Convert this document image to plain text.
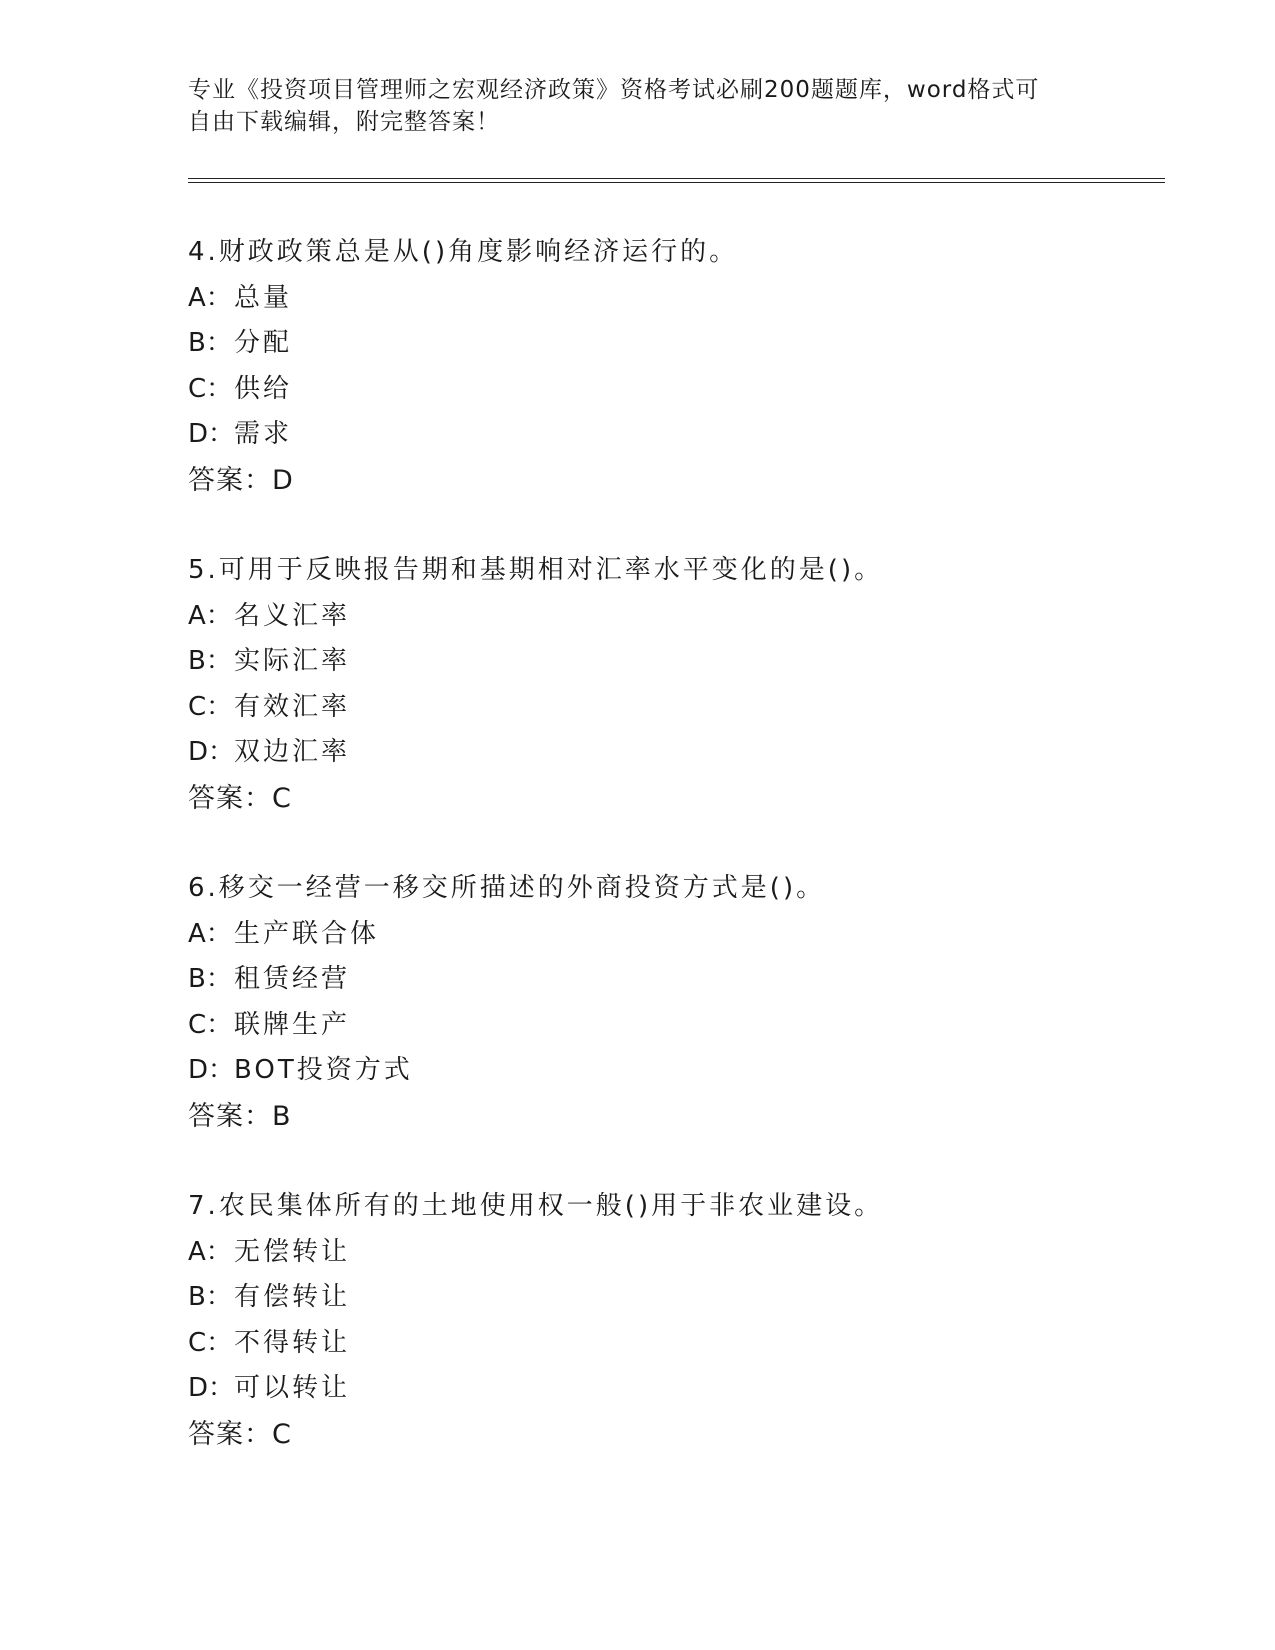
专业《投资项目管理师之宏观经济政策》资格考试必刷200题题库，word格式可
自由下载编辑，附完整答案！
4.财政政策总是从()角度影响经济运行的。
A：总量
B：分配
C：供给
D：需求
答案：D
5.可用于反映报告期和基期相对汇率水平变化的是()。
A：名义汇率
B：实际汇率
C：有效汇率
D：双边汇率
答案：C
6.移交一经营一移交所描述的外商投资方式是()。
A：生产联合体
B：租赁经营
C：联牌生产
D：BOT投资方式
答案：B
7.农民集体所有的土地使用权一般()用于非农业建设。
A：无偿转让
B：有偿转让
C：不得转让
D：可以转让
答案：C
